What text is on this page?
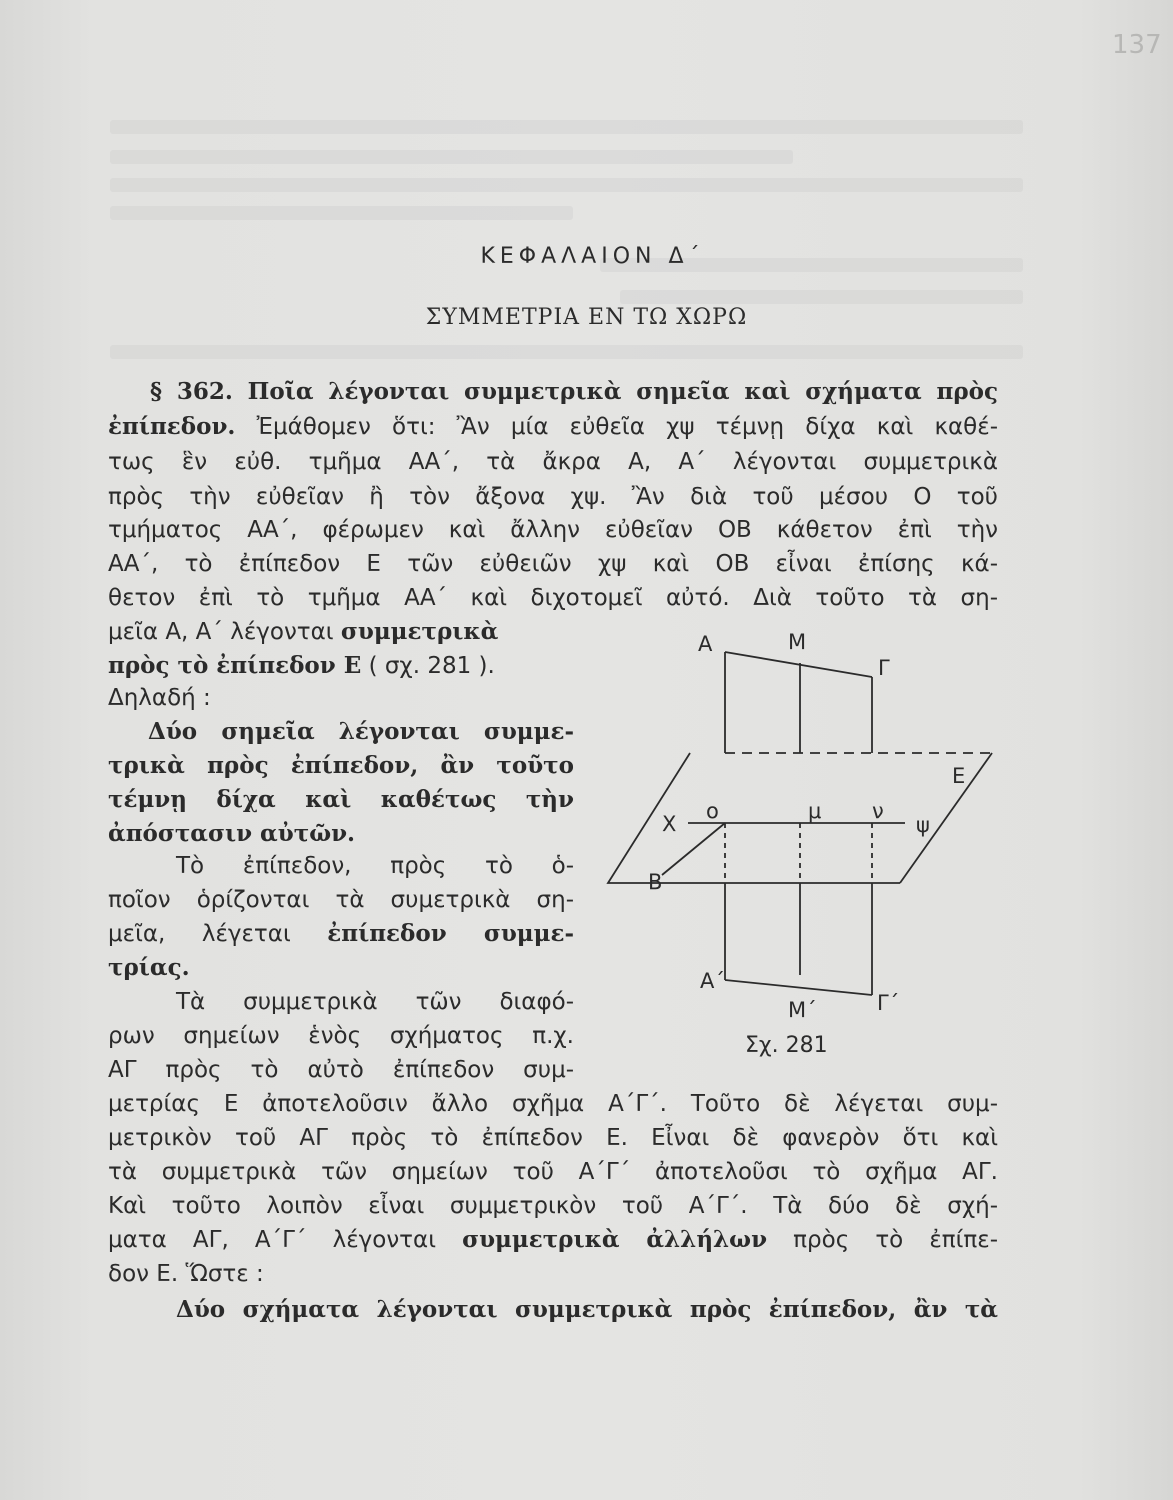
137
ΚΕΦΑΛΑΙΟΝ Δ΄
ΣΥΜΜΕΤΡΙΑ ΕΝ ΤΩ ΧΩΡΩ
§ 362. Ποῖα λέγονται συμμετρικὰ σημεῖα καὶ σχήματα πρὸς
ἐπίπεδον. Ἐμάθομεν ὅτι: Ἂν μία εὐθεῖα χψ τέμνῃ δίχα καὶ καθέ-
τως ἓν εὐθ. τμῆμα ΑΑ΄, τὰ ἄκρα Α, Α΄ λέγονται συμμετρικὰ
πρὸς τὴν εὐθεῖαν ἢ τὸν ἄξονα χψ. Ἂν διὰ τοῦ μέσου Ο τοῦ
τμήματος ΑΑ΄, φέρωμεν καὶ ἄλλην εὐθεῖαν ΟΒ κάθετον ἐπὶ τὴν
ΑΑ΄, τὸ ἐπίπεδον Ε τῶν εὐθειῶν χψ καὶ ΟΒ εἶναι ἐπίσης κά-
θετον ἐπὶ τὸ τμῆμα ΑΑ΄ καὶ διχοτομεῖ αὐτό. Διὰ τοῦτο τὰ ση-
μεῖα Α, Α΄ λέγονται συμμετρικὰ
πρὸς τὸ ἐπίπεδον Ε ( σχ. 281 ).
Δηλαδή :
Δύο σημεῖα λέγονται συμμε-
τρικὰ πρὸς ἐπίπεδον, ἂν τοῦτο
τέμνῃ δίχα καὶ καθέτως τὴν
ἀπόστασιν αὐτῶν.
Τὸ ἐπίπεδον, πρὸς τὸ ὁ-
ποῖον ὁρίζονται τὰ συμετρικὰ ση-
μεῖα, λέγεται ἐπίπεδον συμμε-
τρίας.
Τὰ συμμετρικὰ τῶν διαφό-
ρων σημείων ἑνὸς σχήματος π.χ.
ΑΓ πρὸς τὸ αὐτὸ ἐπίπεδον συμ-
μετρίας Ε ἀποτελοῦσιν ἄλλο σχῆμα Α΄Γ΄. Τοῦτο δὲ λέγεται συμ-
μετρικὸν τοῦ ΑΓ πρὸς τὸ ἐπίπεδον Ε. Εἶναι δὲ φανερὸν ὅτι καὶ
τὰ συμμετρικὰ τῶν σημείων τοῦ Α΄Γ΄ ἀποτελοῦσι τὸ σχῆμα ΑΓ.
Καὶ τοῦτο λοιπὸν εἶναι συμμετρικὸν τοῦ Α΄Γ΄. Τὰ δύο δὲ σχή-
ματα ΑΓ, Α΄Γ΄ λέγονται συμμετρικὰ ἀλλήλων πρὸς τὸ ἐπίπε-
δον Ε. Ὥστε :
Δύο σχήματα λέγονται συμμετρικὰ πρὸς ἐπίπεδον, ἂν τὰ
Α	Μ
Γ
Ε
Χ
ο	μ ν
ψ
Β
Α΄
Μ΄	Γ΄
Σχ. 281
